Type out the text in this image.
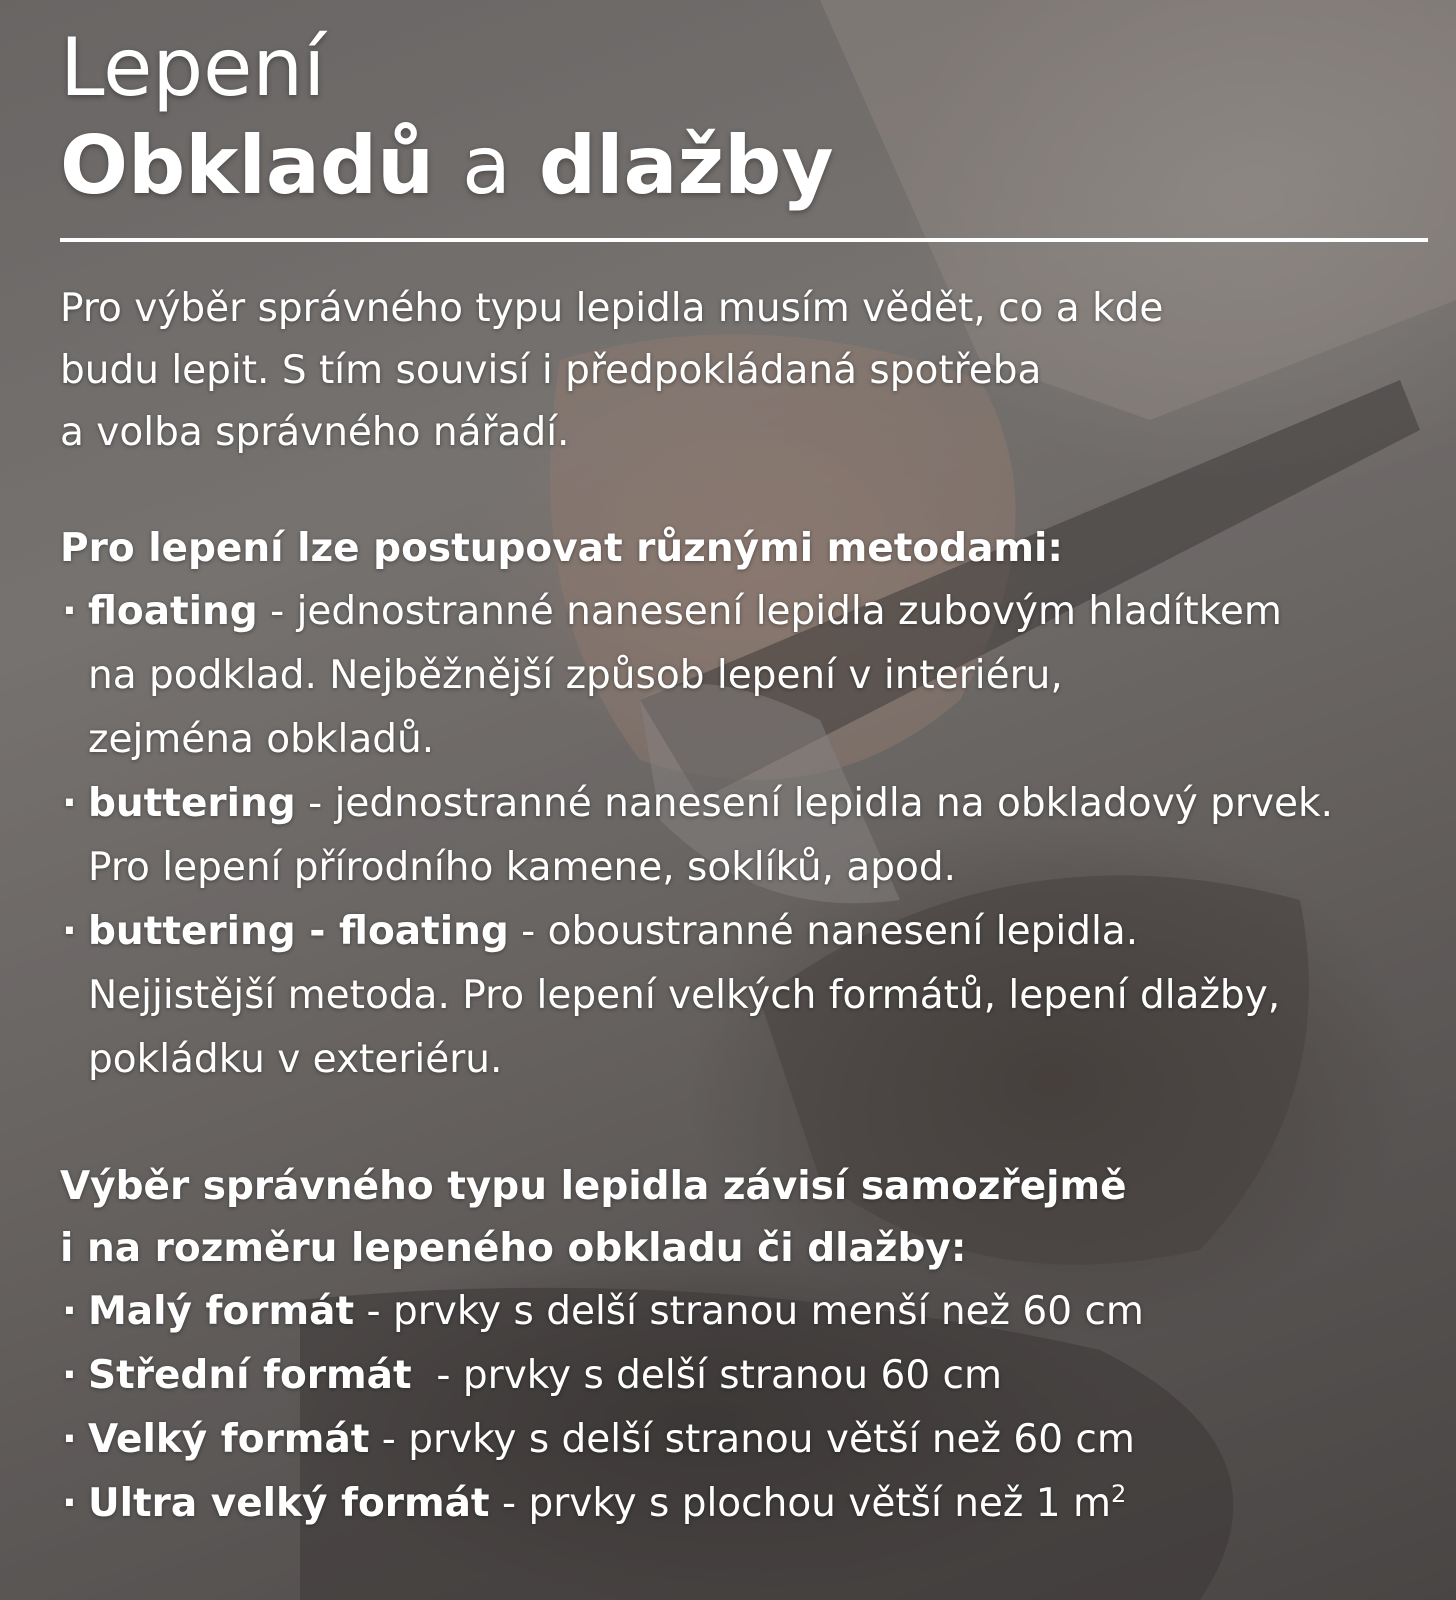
Lepení
Obkladů a dlažby
Pro výběr správného typu lepidla musím vědět, co a kde
budu lepit. S tím souvisí i předpokládaná spotřeba
a volba správného nářadí.
Pro lepení lze postupovat různými metodami:
· floating - jednostranné nanesení lepidla zubovým hladítkem
na podklad. Nejběžnější způsob lepení v interiéru,
zejména obkladů.
· buttering - jednostranné nanesení lepidla na obkladový prvek.
Pro lepení přírodního kamene, soklíků, apod.
· buttering - floating - oboustranné nanesení lepidla.
Nejjistější metoda. Pro lepení velkých formátů, lepení dlažby,
pokládku v exteriéru.
Výběr správného typu lepidla závisí samozřejmě
i na rozměru lepeného obkladu či dlažby:
· Malý formát - prvky s delší stranou menší než 60 cm
· Střední formát  - prvky s delší stranou 60 cm
· Velký formát - prvky s delší stranou větší než 60 cm
· Ultra velký formát - prvky s plochou větší než 1 $m^2$
